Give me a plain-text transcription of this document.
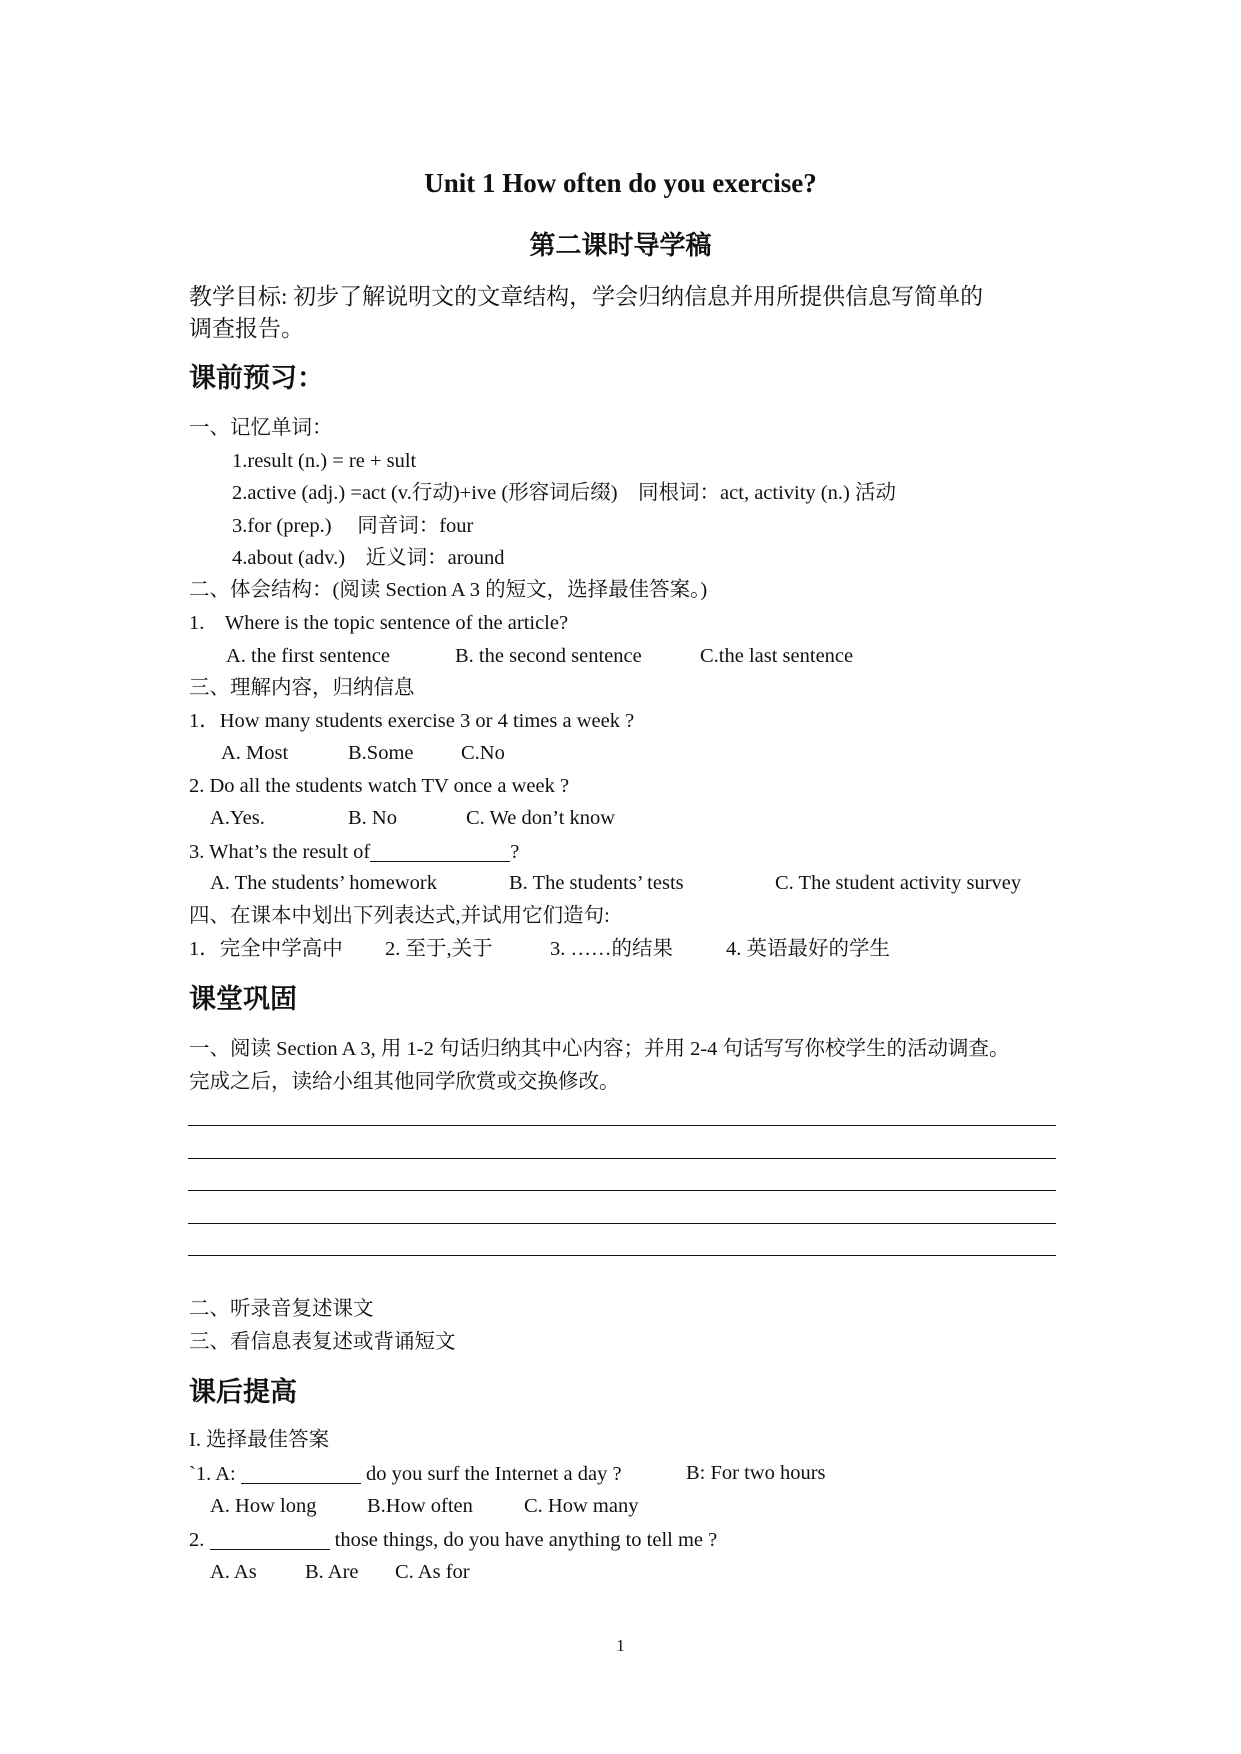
Unit 1 How often do you exercise?
第二课时导学稿
教学目标: 初步了解说明文的文章结构，学会归纳信息并用所提供信息写简单的
调查报告。
课前预习：
一、记忆单词：
1.result (n.) = re + sult
2.active (adj.) =act (v.行动)+ive (形容词后缀)　同根词：act, activity (n.) 活动
3.for (prep.)　 同音词：four
4.about (adv.)　近义词：around
二、体会结构：(阅读 Section A 3 的短文，选择最佳答案。)
1.　Where is the topic sentence of the article?
A. the first sentence	B. the second sentence	C.the last sentence
三、理解内容，归纳信息
1．How many students exercise 3 or 4 times a week ?
A. Most	B.Some C.No
2. Do all the students watch TV once a week ?
A.Yes.	B. No	C. We don’t know
3. What’s the result of	?
A. The students’ homework	B. The students’ tests	C. The student activity survey
四、在课本中划出下列表达式,并试用它们造句:
1．完全中学高中 2. 至于,关于	3. ……的结果	4. 英语最好的学生
课堂巩固
一、阅读 Section A 3, 用 1-2 句话归纳其中心内容；并用 2-4 句话写写你校学生的活动调查。
完成之后，读给小组其他同学欣赏或交换修改。
二、听录音复述课文
三、看信息表复述或背诵短文
课后提高
I. 选择最佳答案
`1. A:	do you surf the Internet a day ?	B: For two hours
A. How long B.How often C. How many
2.	those things, do you have anything to tell me ?
A. As B. Are C. As for
1
